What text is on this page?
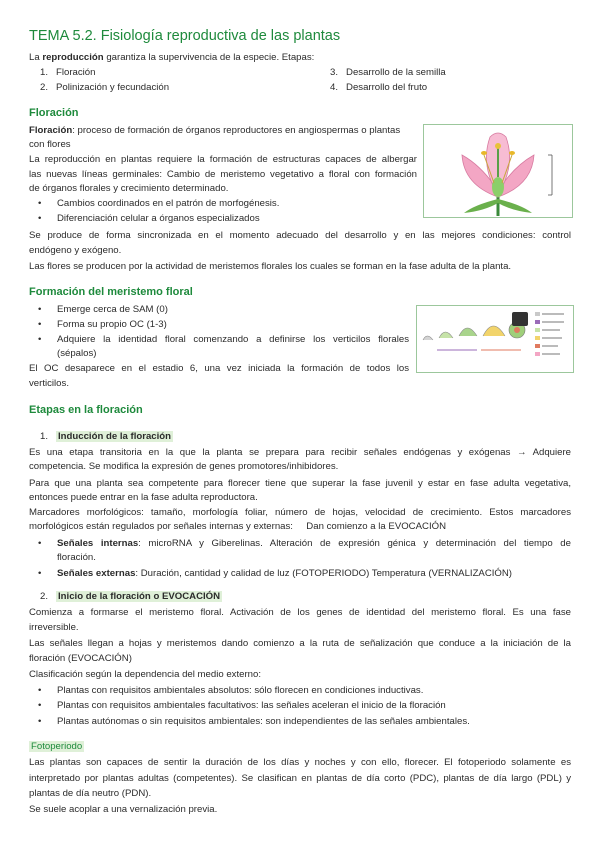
TEMA 5.2. Fisiología reproductiva de las plantas
La reproducción garantiza la supervivencia de la especie. Etapas:
1. Floración
2. Polinización y fecundación
3. Desarrollo de la semilla
4. Desarrollo del fruto
Floración
Floración: proceso de formación de órganos reproductores en angiospermas o plantas
con flores
La reproducción en plantas requiere la formación de estructuras capaces de albergar
las nuevas líneas germinales: Cambio de meristemo vegetativo a floral con formación
de órganos florales y crecimiento determinado.
• Cambios coordinados en el patrón de morfogénesis.
• Diferenciación celular a órganos especializados
Se produce de forma sincronizada en el momento adecuado del desarrollo y en las mejores condiciones: control
endógeno y exógeno.
Las flores se producen por la actividad de meristemos florales los cuales se forman en la fase adulta de la planta.
Formación del meristemo floral
• Emerge cerca de SAM (0)
• Forma su propio OC (1-3)
• Adquiere la identidad floral comenzando a definirse los verticilos florales
(sépalos)
El OC desaparece en el estadio 6, una vez iniciada la formación de todos los
verticilos.
Etapas en la floración
1. Inducción de la floración
Es una etapa transitoria en la que la planta se prepara para recibir señales endógenas y exógenas → Adquiere
competencia. Se modifica la expresión de genes promotores/inhibidores.
Para que una planta sea competente para florecer tiene que superar la fase juvenil y estar en fase adulta vegetativa,
entonces puede entrar en la fase adulta reproductora.
Marcadores morfológicos: tamaño, morfología foliar, número de hojas, velocidad de crecimiento. Estos marcadores
morfológicos están regulados por señales internas y externas:     Dan comienzo a la EVOCACIÓN
• Señales internas: microRNA y Giberelinas. Alteración de expresión génica y determinación del tiempo de
floración.
• Señales externas: Duración, cantidad y calidad de luz (FOTOPERIODO) Temperatura (VERNALIZACIÓN)
2. Inicio de la floración o EVOCACIÓN
Comienza a formarse el meristemo floral. Activación de los genes de identidad del meristemo floral. Es una fase
irreversible.
Las señales llegan a hojas y meristemos dando comienzo a la ruta de señalización que conduce a la iniciación de la
floración (EVOCACIÓN)
Clasificación según la dependencia del medio externo:
• Plantas con requisitos ambientales absolutos: sólo florecen en condiciones inductivas.
• Plantas con requisitos ambientales facultativos: las señales aceleran el inicio de la floración
• Plantas autónomas o sin requisitos ambientales: son independientes de las señales ambientales.
Fotoperiodo
Las plantas son capaces de sentir la duración de los días y noches y con ello, florecer. El fotoperiodo solamente es
interpretado por plantas adultas (competentes). Se clasifican en plantas de día corto (PDC), plantas de día largo (PDL) y
plantas de día neutro (PDN).
Se suele acoplar a una vernalización previa.
